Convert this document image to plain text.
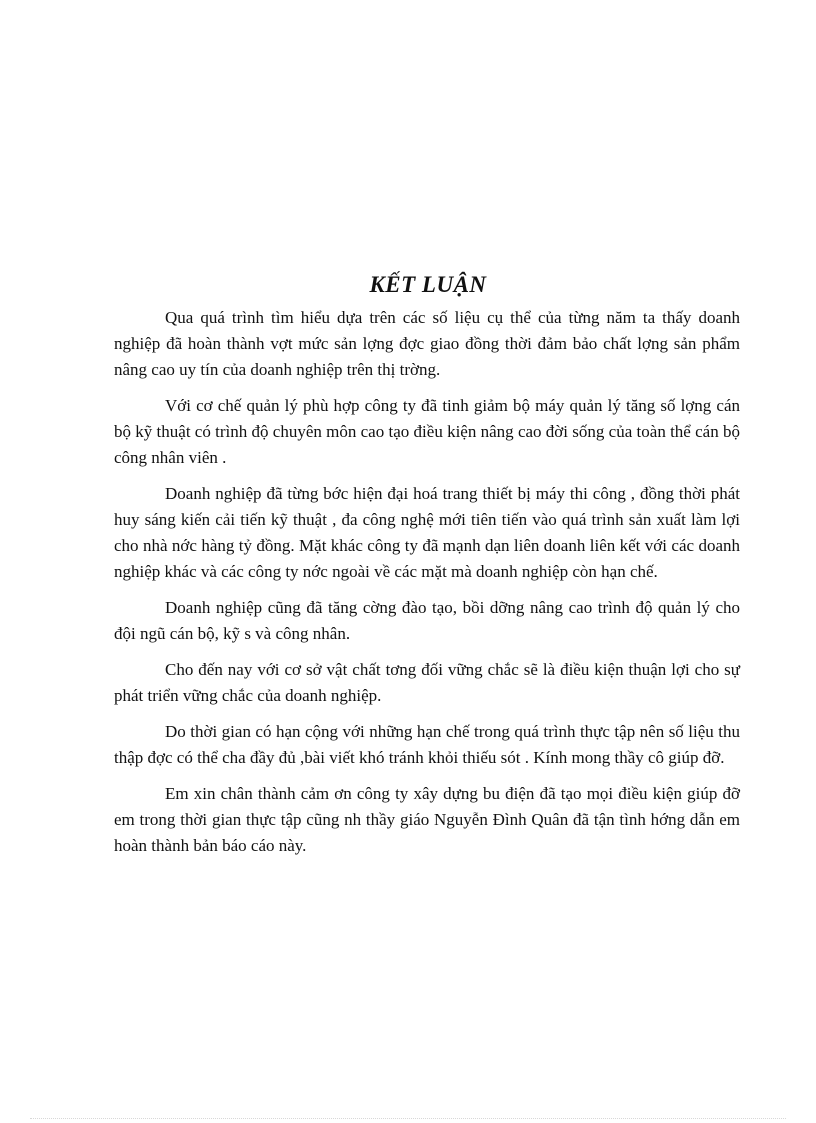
KẾT LUẬN

Qua quá trình tìm hiểu dựa trên các số liệu cụ thể của từng năm ta thấy doanh nghiệp đã hoàn thành vợt mức sản lợng đợc giao đồng thời đảm bảo chất lợng sản phẩm nâng cao uy tín của doanh nghiệp trên thị trờng.

Với cơ chế quản lý phù hợp công ty đã tinh giảm bộ máy quản lý tăng số lợng cán bộ kỹ thuật có trình độ chuyên môn cao tạo điều kiện nâng cao đời sống của toàn thể cán bộ công nhân viên .

Doanh nghiệp đã từng bớc hiện đại hoá trang thiết bị máy thi công , đồng thời phát huy sáng kiến cải tiến kỹ thuật , đa công nghệ mới tiên tiến vào quá trình sản xuất làm lợi cho nhà nớc hàng tỷ đồng. Mặt khác công ty đã mạnh dạn liên doanh liên kết với các doanh nghiệp khác và các công ty nớc ngoài về các mặt mà doanh nghiệp còn hạn chế.

Doanh nghiệp cũng đã tăng cờng đào tạo, bồi dỡng nâng cao trình độ quản lý cho đội ngũ cán bộ, kỹ s và công nhân.

Cho đến nay với cơ sở vật chất tơng đối vững chắc sẽ là điều kiện thuận lợi cho sự phát triển vững chắc của doanh nghiệp.

Do thời gian có hạn cộng với những hạn chế trong quá trình thực tập nên số liệu thu thập đợc có thể cha đầy đủ ,bài viết khó tránh khỏi thiếu sót . Kính mong thầy cô giúp đỡ.

Em xin chân thành cảm ơn công ty xây dựng bu điện đã tạo mọi điều kiện giúp đỡ em trong thời gian thực tập cũng nh thầy giáo Nguyễn Đình Quân đã tận tình hớng dẫn em hoàn thành bản báo cáo này.
